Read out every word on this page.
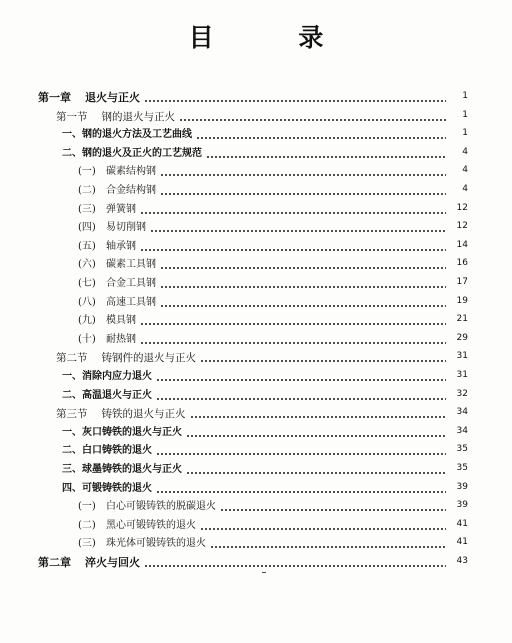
目 录
第一章 退火与正火	1
第一节 钢的退火与正火	1
一、 钢的退火方法及工艺曲线	1
二、 钢的退火及正火的工艺规范	4
(一)	碳素结构钢	4
(二)	合金结构钢	4
(三)	弹簧钢	12
(四)	易切削钢	12
(五)	轴承钢	14
(六)	碳素工具钢	16
(七)	合金工具钢	17
(八)	高速工具钢	19
(九)	模具钢	21
(十)	耐热钢	29
第二节 铸钢件的退火与正火	31
一、 消除内应力退火	31
二、 高温退火与正火	32
第三节 铸铁的退火与正火	34
一、 灰口铸铁的退火与正火	34
二、 白口铸铁的退火	35
三、 球墨铸铁的退火与正火	35
四、 可锻铸铁的退火	39
(一)	白心可锻铸铁的脱碳退火	39
(二)	黑心可锻铸铁的退火	41
(三)	珠光体可锻铸铁的退火	41
第二章 淬火与回火	43
